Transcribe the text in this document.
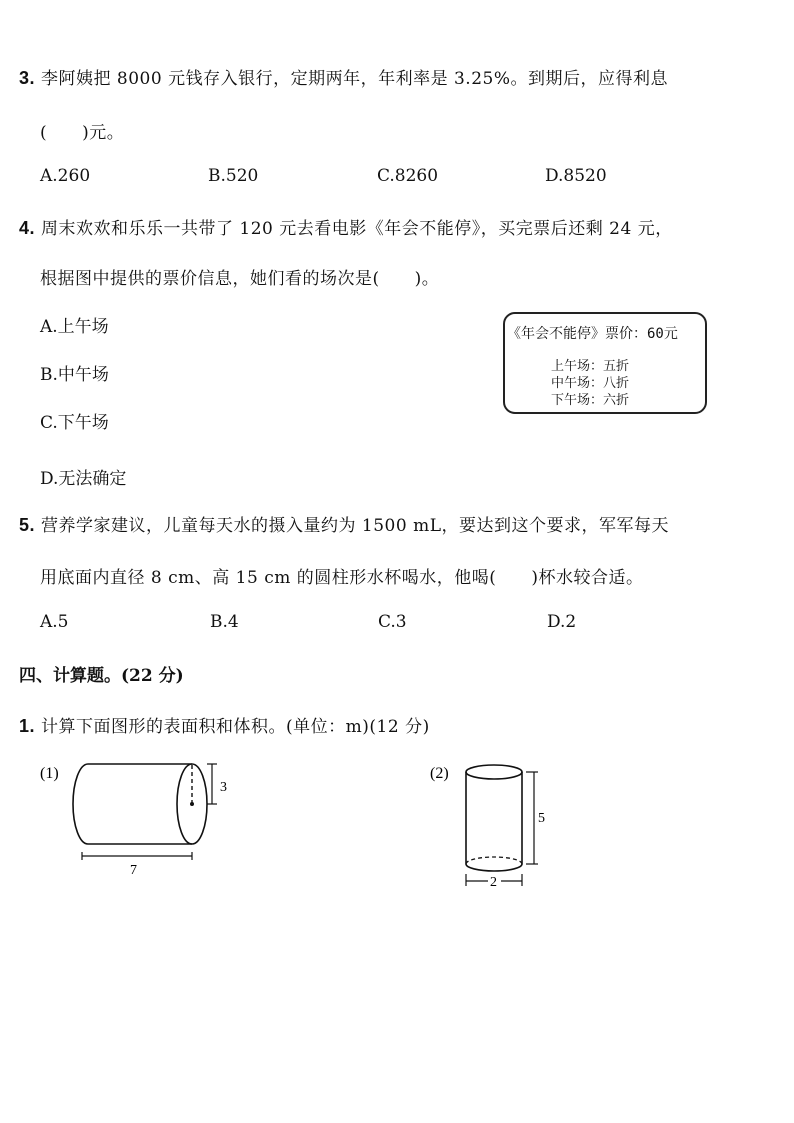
3. 李阿姨把 8000 元钱存入银行，定期两年，年利率是 3.25%。到期后，应得利息
(　　)元。
A.260	B.520	C.8260	D.8520
4. 周末欢欢和乐乐一共带了 120 元去看电影《年会不能停》，买完票后还剩 24 元，
根据图中提供的票价信息，她们看的场次是(　　)。
A.上午场
B.中午场
C.下午场
D.无法确定
《年会不能停》票价：60元
上午场：五折
中午场：八折
下午场：六折
5. 营养学家建议，儿童每天水的摄入量约为 1500 mL，要达到这个要求，军军每天
用底面内直径 8 cm、高 15 cm 的圆柱形水杯喝水，他喝(　　)杯水较合适。
A.5	B.4	C.3	D.2
四、计算题。(22 分)
1. 计算下面图形的表面积和体积。(单位：m)(12 分)
(1)
3
7
(2)
5
2
